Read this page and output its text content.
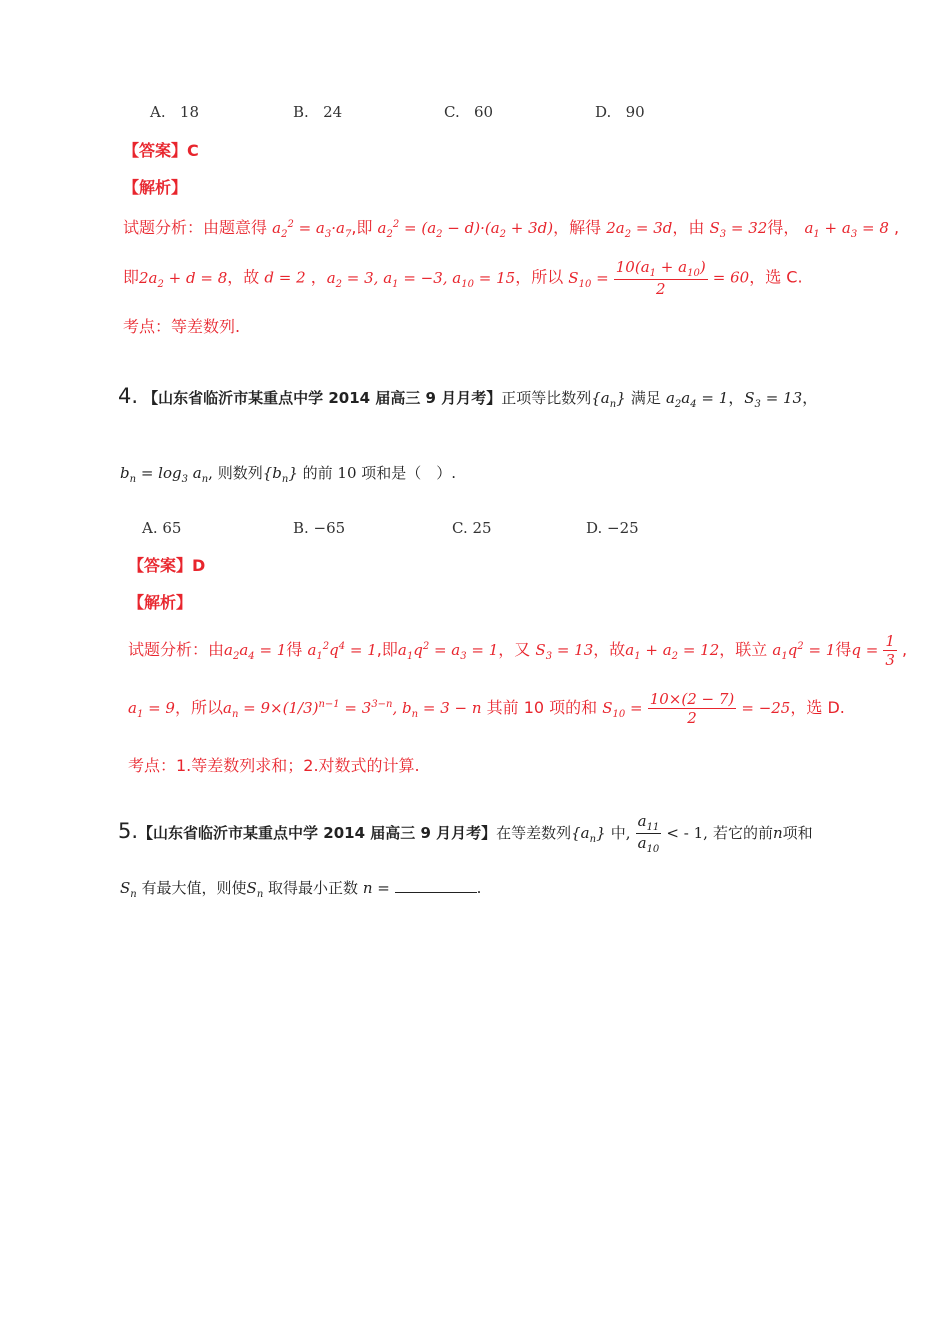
A.   18	B.   24	C.   60	D.   90
【答案】C
【解析】
试题分析：由题意得 $a_2^2 = a_3\cdot a_7$,即 $a_2^2 = (a_2 - d)\cdot(a_2 + 3d)$，解得 $2a_2 = 3d$，由 $S_3 = 32$得， $a_1 + a_3 = 8$ ,
即$2a_2 + d = 8$，故 d = 2 ，$a_2 = 3$, $a_1 = -3$, $a_{10} = 15$，所以 $S_{10} = \frac{10(a_1 + a_{10})}{2} = 60$，选 C.
考点：等差数列.
4. 【山东省临沂市某重点中学 2014 届高三 9 月月考】正项等比数列$\{a_n\}$ 满足 $a_2a_4 = 1$，$S_3 = 13$，
$b_n = \log_3 a_n$, 则数列$\{b_n\}$ 的前 10 项和是（　）.
A. 65	B. −65	C. 25	D. −25
【答案】D
【解析】
试题分析：由$a_2a_4 = 1$得 $a_1^2q^4 = 1$,即$a_1q^2 = a_3 = 1$，又 $S_3 = 13$，故$a_1 + a_2 = 12$，联立 $a_1q^2 = 1$得$q = \frac{1}{3}$ ,
$a_1 = 9$，所以$a_n = 9\times(1/3)^{n-1} = 3^{3-n}$, $b_n = 3 - n$ 其前 10 项的和 $S_{10} = \frac{10\times(2 - 7)}{2} = -25$，选 D.
考点：1.等差数列求和；2.对数式的计算.
5.【山东省临沂市某重点中学 2014 届高三 9 月月考】在等差数列$\{a_n\}$ 中, $\frac{a_{11}}{a_{10}}$ < - 1, 若它的前n项和
$S_n$ 有最大值，则使$S_n$ 取得最小正数 n =	.
